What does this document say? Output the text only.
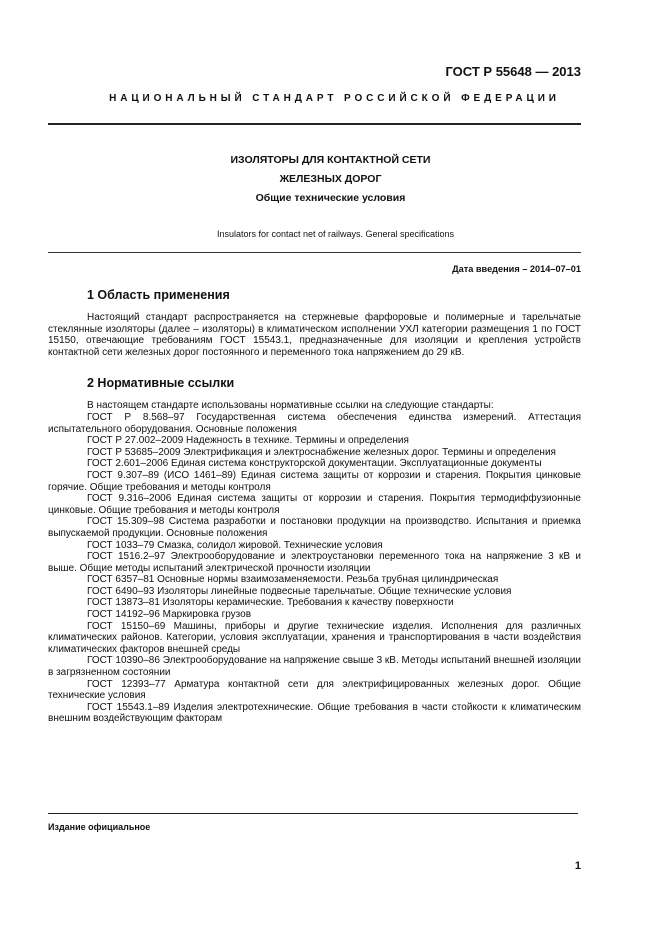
ГОСТ Р 55648 — 2013
НАЦИОНАЛЬНЫЙ СТАНДАРТ РОССИЙСКОЙ ФЕДЕРАЦИИ
ИЗОЛЯТОРЫ ДЛЯ КОНТАКТНОЙ СЕТИ
ЖЕЛЕЗНЫХ ДОРОГ
Общие технические условия
Insulators for contact net of railways. General specifications
Дата введения – 2014–07–01
1 Область применения

Настоящий стандарт распространяется на стержневые фарфоровые и полимерные и тарельчатые стеклянные изоляторы (далее – изоляторы) в климатическом исполнении УХЛ категории размещения 1 по ГОСТ 15150, отвечающие требованиям ГОСТ 15543.1, предназначенные для изоляции и крепления устройств контактной сети железных дорог постоянного и переменного тока напряжением до 29 кВ.

2 Нормативные ссылки

В настоящем стандарте использованы нормативные ссылки на следующие стандарты:

ГОСТ Р 8.568–97 Государственная система обеспечения единства измерений. Аттестация испытательного оборудования. Основные положения

ГОСТ Р 27.002–2009 Надежность в технике. Термины и определения

ГОСТ Р 53685–2009 Электрификация и электроснабжение железных дорог. Термины и определения

ГОСТ 2.601–2006 Единая система конструкторской документации. Эксплуатационные документы

ГОСТ 9.307–89 (ИСО 1461–89) Единая система защиты от коррозии и старения. Покрытия цинковые горячие. Общие требования и методы контроля

ГОСТ 9.316–2006 Единая система защиты от коррозии и старения. Покрытия термодиффузионные цинковые. Общие требования и методы контроля

ГОСТ 15.309–98 Система разработки и постановки продукции на производство. Испытания и приемка выпускаемой продукции. Основные положения

ГОСТ 1033–79 Смазка, солидол жировой. Технические условия

ГОСТ 1516.2–97 Электрооборудование и электроустановки переменного тока на напряжение 3 кВ и выше. Общие методы испытаний электрической прочности изоляции

ГОСТ 6357–81 Основные нормы взаимозаменяемости. Резьба трубная цилиндрическая

ГОСТ 6490–93 Изоляторы линейные подвесные тарельчатые. Общие технические условия

ГОСТ 13873–81 Изоляторы керамические. Требования к качеству поверхности

ГОСТ 14192–96 Маркировка грузов

ГОСТ 15150–69 Машины, приборы и другие технические изделия. Исполнения для различных климатических районов. Категории, условия эксплуатации, хранения и транспортирования в части воздействия климатических факторов внешней среды

ГОСТ 10390–86 Электрооборудование на напряжение свыше 3 кВ. Методы испытаний внешней изоляции в загрязненном состоянии

ГОСТ 12393–77 Арматура контактной сети для электрифицированных железных дорог. Общие технические условия

ГОСТ 15543.1–89 Изделия электротехнические. Общие требования в части стойкости к климатическим внешним воздействующим факторам

Издание официальное
1
